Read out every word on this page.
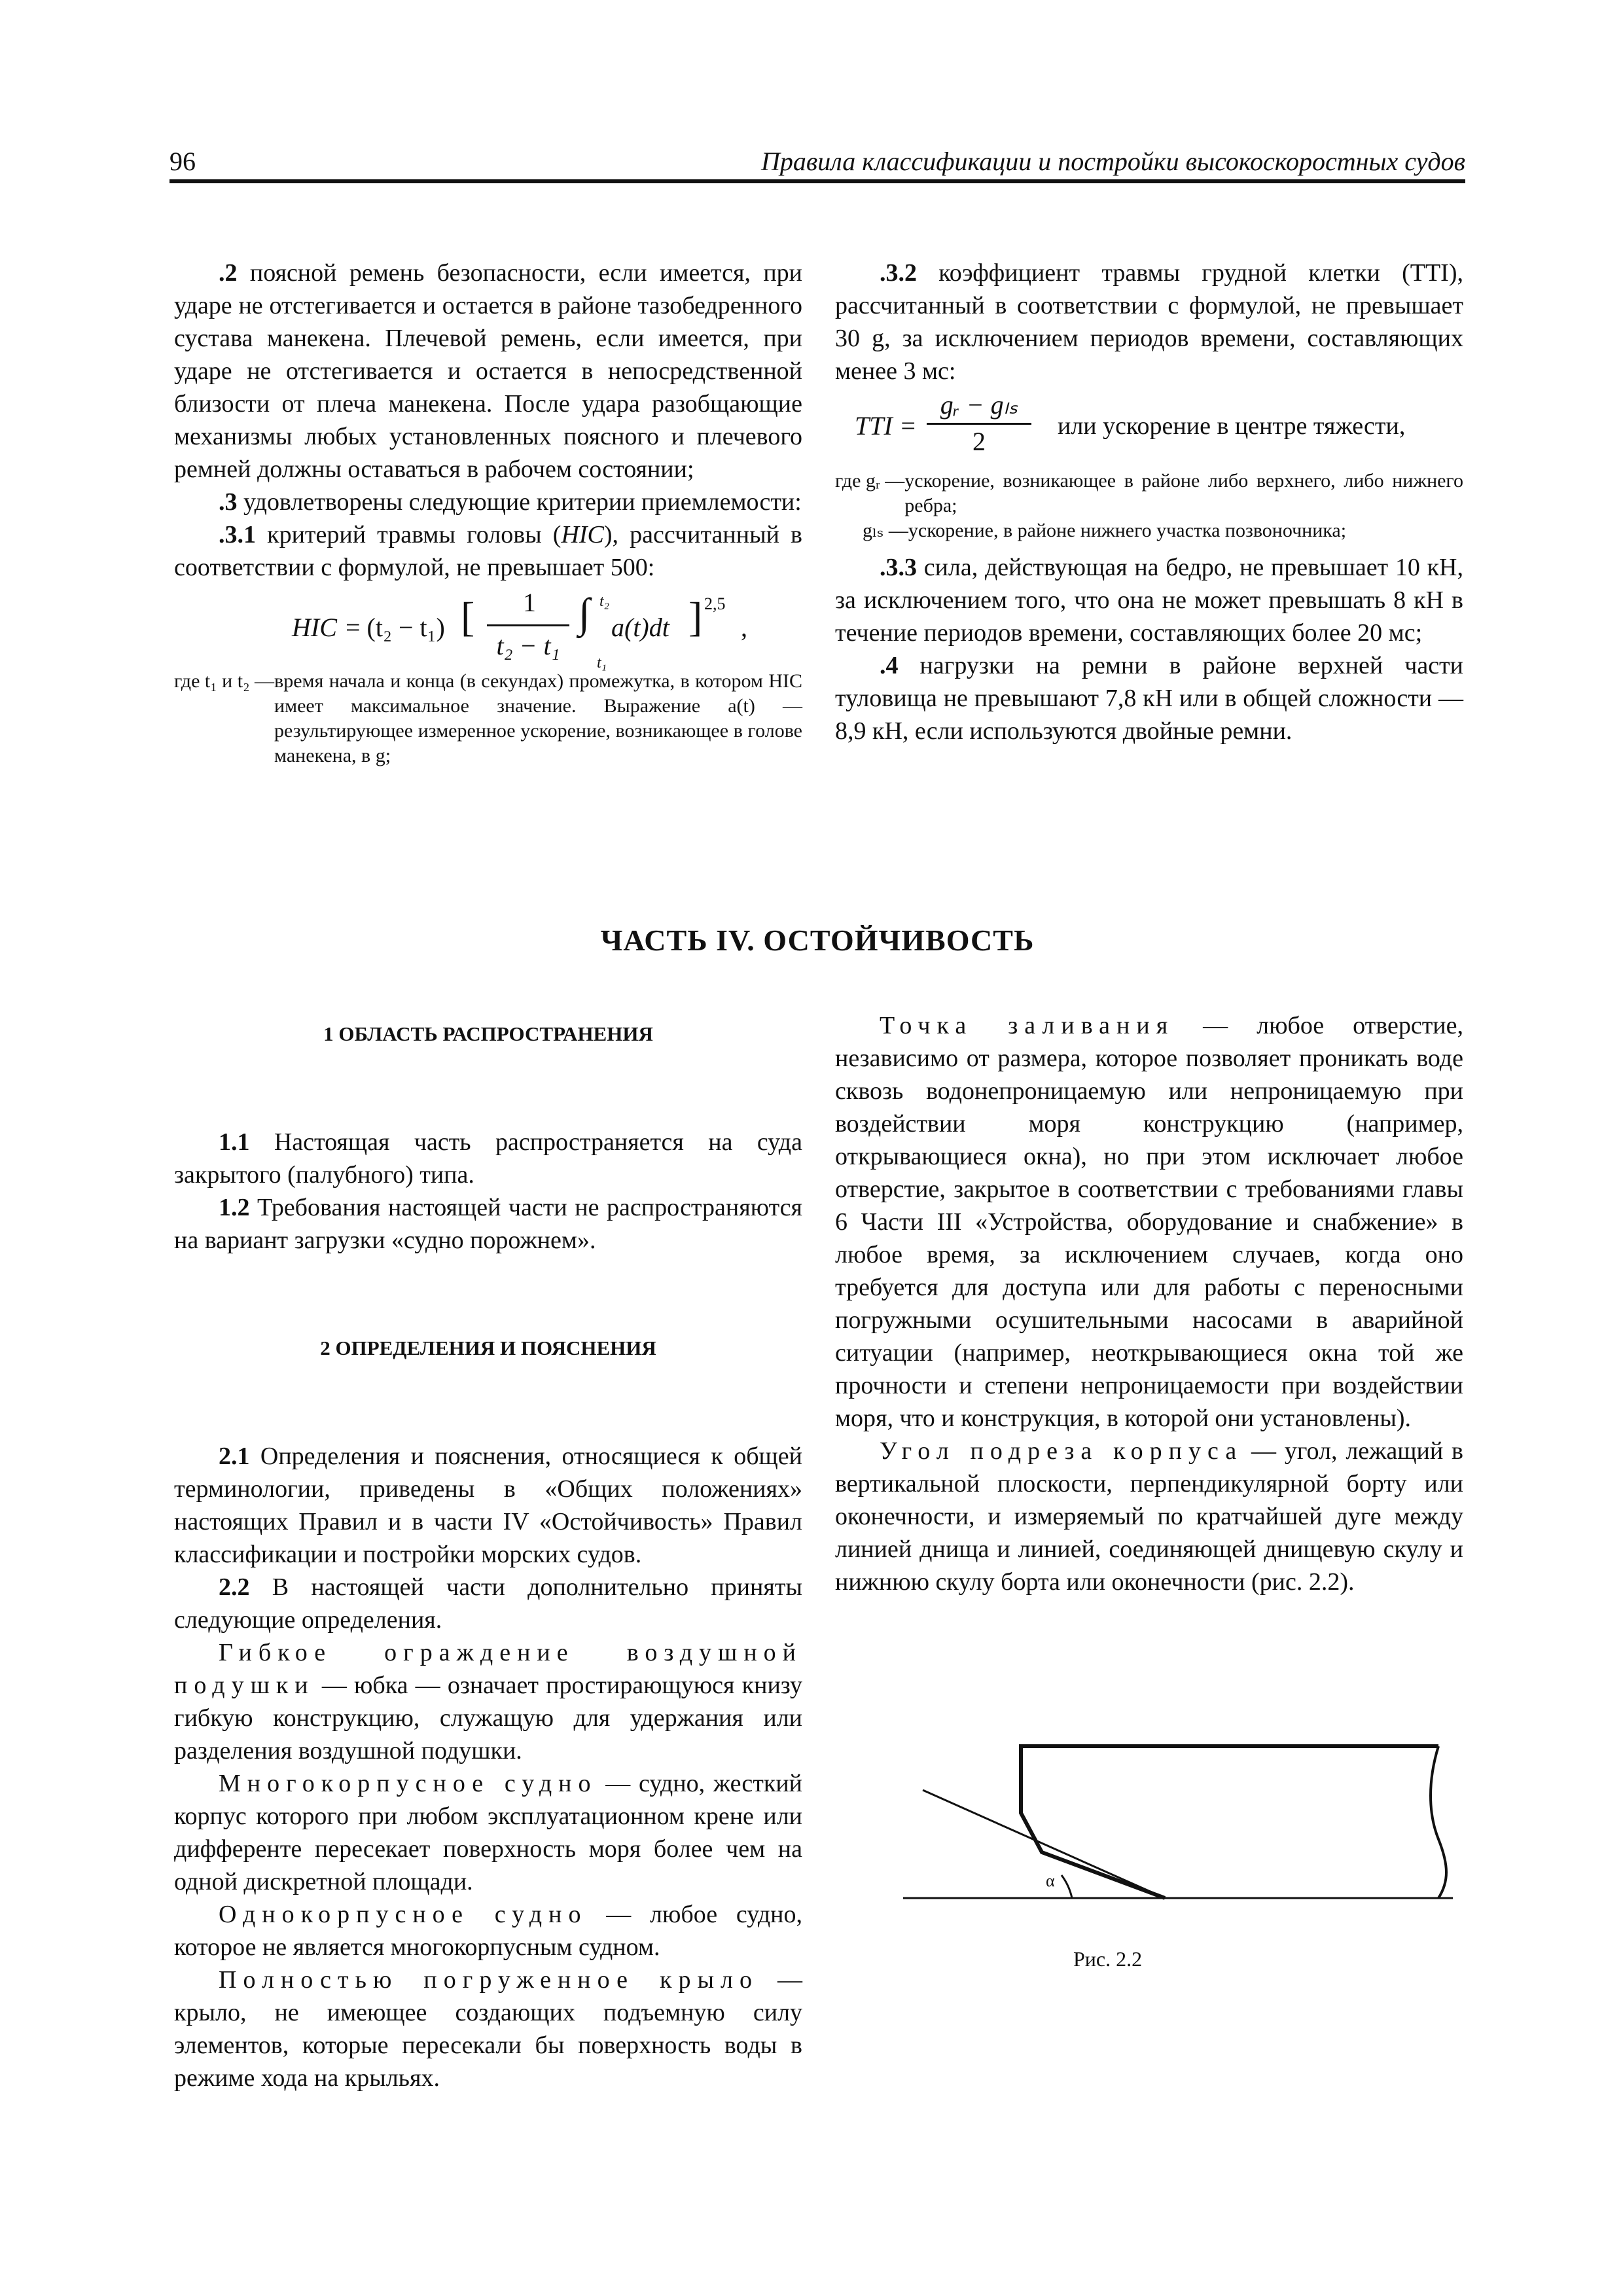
96	Правила классификации и постройки высокоскоростных судов

.2 поясной ремень безопасности, если имеется, при ударе не отстегивается и остается в районе тазобедренного сустава манекена. Плечевой ремень, если имеется, при ударе не отстегивается и остается в непосредственной близости от плеча манекена. После удара разобщающие механизмы любых установленных поясного и плечевого ремней должны оставаться в рабочем состоянии;

.3 удовлетворены следующие критерии приемлемости:

.3.1 критерий травмы головы (HIC), рассчитанный в соответствии с формулой, не превышает 500:

HIC = (t₂ − t₁) [	1
t₂ − t₁
∫ t₂
t₁
a(t)dt ] 2,5
,
где t₁ и t₂ — время начала и конца (в секундах) промежутка, в котором HIC имеет максимальное значение. Выражение a(t) — результирующее измеренное ускорение, возникающее в голове манекена, в g;

.3.2 коэффициент травмы грудной клетки (TTI), рассчитанный в соответствии с формулой, не превышает 30 g, за исключением периодов времени, составляющих менее 3 мс:

TTI =
gᵣ − gₗₛ
2
или ускорение в центре тяжести,
где gᵣ — ускорение, возникающее в районе либо верхнего, либо нижнего ребра;
gₗₛ — ускорение, в районе нижнего участка позвоночника;

.3.3 сила, действующая на бедро, не превышает 10 кН, за исключением того, что она не может превышать 8 кН в течение периодов времени, составляющих более 20 мс;

.4 нагрузки на ремни в районе верхней части туловища не превышают 7,8 кН или в общей сложности — 8,9 кН, если используются двойные ремни.

ЧАСТЬ IV. ОСТОЙЧИВОСТЬ

1 ОБЛАСТЬ РАСПРОСТРАНЕНИЯ

1.1 Настоящая часть распространяется на суда закрытого (палубного) типа.

1.2 Требования настоящей части не распространяются на вариант загрузки «судно порожнем».

2 ОПРЕДЕЛЕНИЯ И ПОЯСНЕНИЯ

2.1 Определения и пояснения, относящиеся к общей терминологии, приведены в «Общих положениях» настоящих Правил и в части IV «Остойчивость» Правил классификации и постройки морских судов.

2.2 В настоящей части дополнительно приняты следующие определения.

Гибкое ограждение воздушной подушки — юбка — означает простирающуюся книзу гибкую конструкцию, служащую для удержания или разделения воздушной подушки.

Многокорпусное судно — судно, жесткий корпус которого при любом эксплуатационном крене или дифференте пересекает поверхность моря более чем на одной дискретной площади.

Однокорпусное судно — любое судно, которое не является многокорпусным судном.

Полностью погруженное крыло — крыло, не имеющее создающих подъемную силу элементов, которые пересекали бы поверхность воды в режиме хода на крыльях.

Точка заливания — любое отверстие, независимо от размера, которое позволяет проникать воде сквозь водонепроницаемую или непроницаемую при воздействии моря конструкцию (например, открывающиеся окна), но при этом исключает любое отверстие, закрытое в соответствии с требованиями главы 6 Части III «Устройства, оборудование и снабжение» в любое время, за исключением случаев, когда оно требуется для доступа или для работы с переносными погружными осушительными насосами в аварийной ситуации (например, неоткрывающиеся окна той же прочности и степени непроницаемости при воздействии моря, что и конструкция, в которой они установлены).

Угол подреза корпуса — угол, лежащий в вертикальной плоскости, перпендикулярной борту или оконечности, и измеряемый по кратчайшей дуге между линией днища и линией, соединяющей днищевую скулу и нижнюю скулу борта или оконечности (рис. 2.2).

α
Рис. 2.2
